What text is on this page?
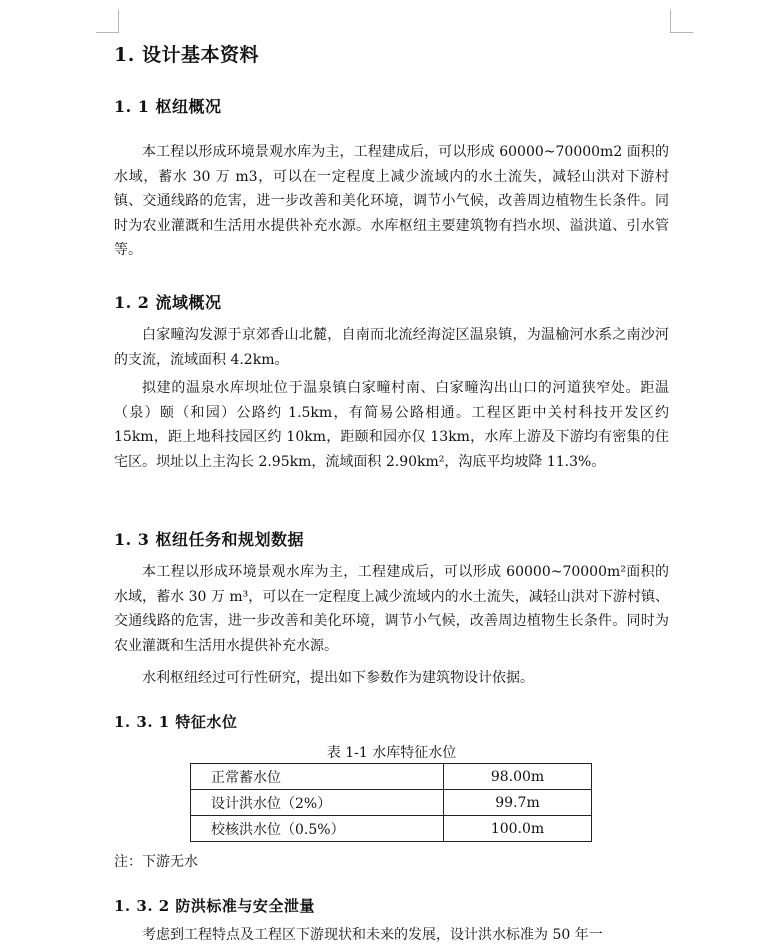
1. 设计基本资料
1. 1 枢纽概况

本工程以形成环境景观水库为主，工程建成后，可以形成 60000~70000m2 面积的水域，蓄水 30 万 m3，可以在一定程度上减少流域内的水土流失，减轻山洪对下游村镇、交通线路的危害，进一步改善和美化环境，调节小气候，改善周边植物生长条件。同时为农业灌溉和生活用水提供补充水源。水库枢纽主要建筑物有挡水坝、溢洪道、引水管等。

1. 2 流域概况

白家疃沟发源于京郊香山北麓，自南而北流经海淀区温泉镇，为温榆河水系之南沙河的支流，流域面积 4.2km。

拟建的温泉水库坝址位于温泉镇白家疃村南、白家疃沟出山口的河道狭窄处。距温（泉）颐（和园）公路约 1.5km，有简易公路相通。工程区距中关村科技开发区约 15km，距上地科技园区约 10km，距颐和园亦仅 13km，水库上游及下游均有密集的住宅区。坝址以上主沟长 2.95km，流域面积 2.90km²，沟底平均坡降 11.3%。

1. 3 枢纽任务和规划数据

本工程以形成环境景观水库为主，工程建成后，可以形成 60000~70000m²面积的水域，蓄水 30 万 m³，可以在一定程度上减少流域内的水土流失，减轻山洪对下游村镇、交通线路的危害，进一步改善和美化环境，调节小气候，改善周边植物生长条件。同时为农业灌溉和生活用水提供补充水源。

水利枢纽经过可行性研究，提出如下参数作为建筑物设计依据。

1. 3. 1 特征水位
表 1-1 水库特征水位
正常蓄水位	98.00m
设计洪水位（2%）	99.7m
校核洪水位（0.5%）	100.0m
注：下游无水
1. 3. 2 防洪标准与安全泄量

考虑到工程特点及工程区下游现状和未来的发展，设计洪水标准为 50 年一
